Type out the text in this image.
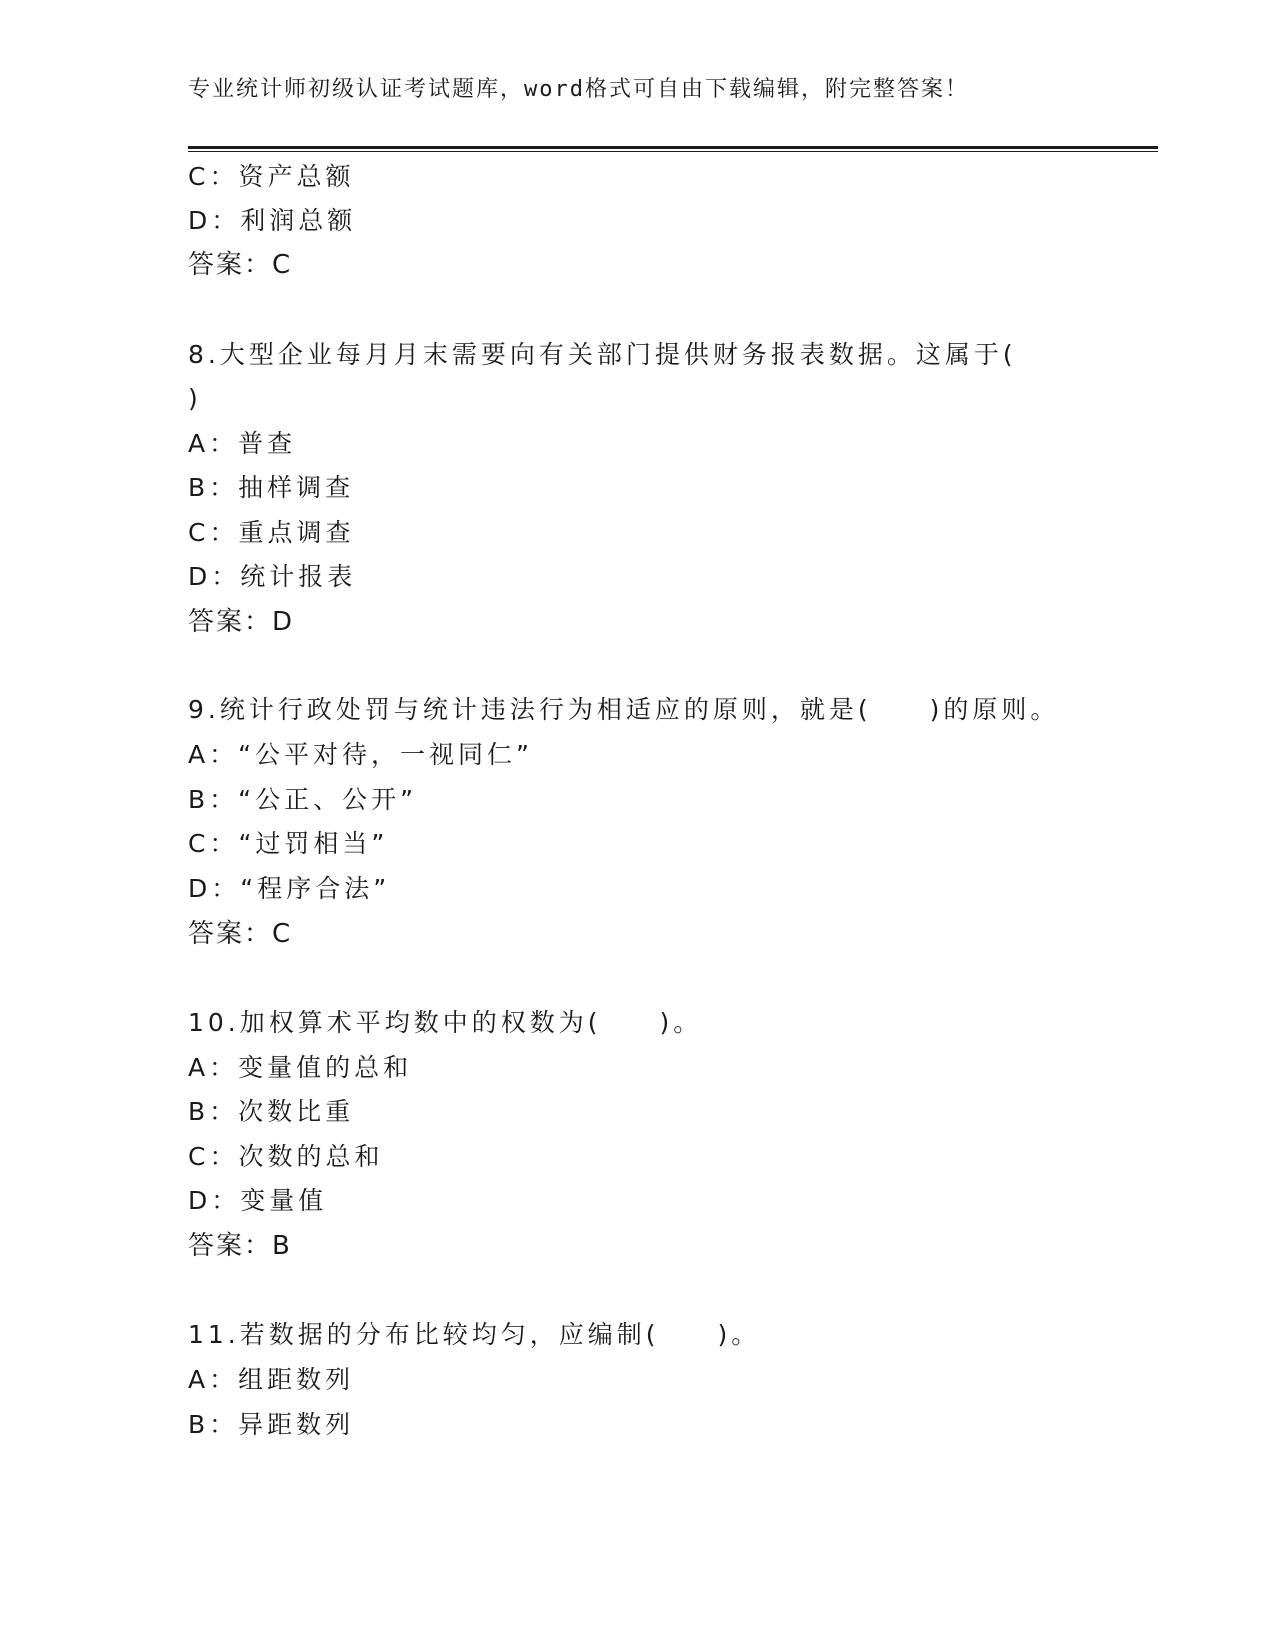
专业统计师初级认证考试题库，word格式可自由下载编辑，附完整答案！
C：资产总额
D：利润总额
答案：C
8.大型企业每月月末需要向有关部门提供财务报表数据。这属于(
)
A：普查
B：抽样调查
C：重点调查
D：统计报表
答案：D
9.统计行政处罚与统计违法行为相适应的原则，就是(　　)的原则。
A：“公平对待，一视同仁”
B：“公正、公开”
C：“过罚相当”
D：“程序合法”
答案：C
10.加权算术平均数中的权数为(　　)。
A：变量值的总和
B：次数比重
C：次数的总和
D：变量值
答案：B
11.若数据的分布比较均匀，应编制(　　)。
A：组距数列
B：异距数列
